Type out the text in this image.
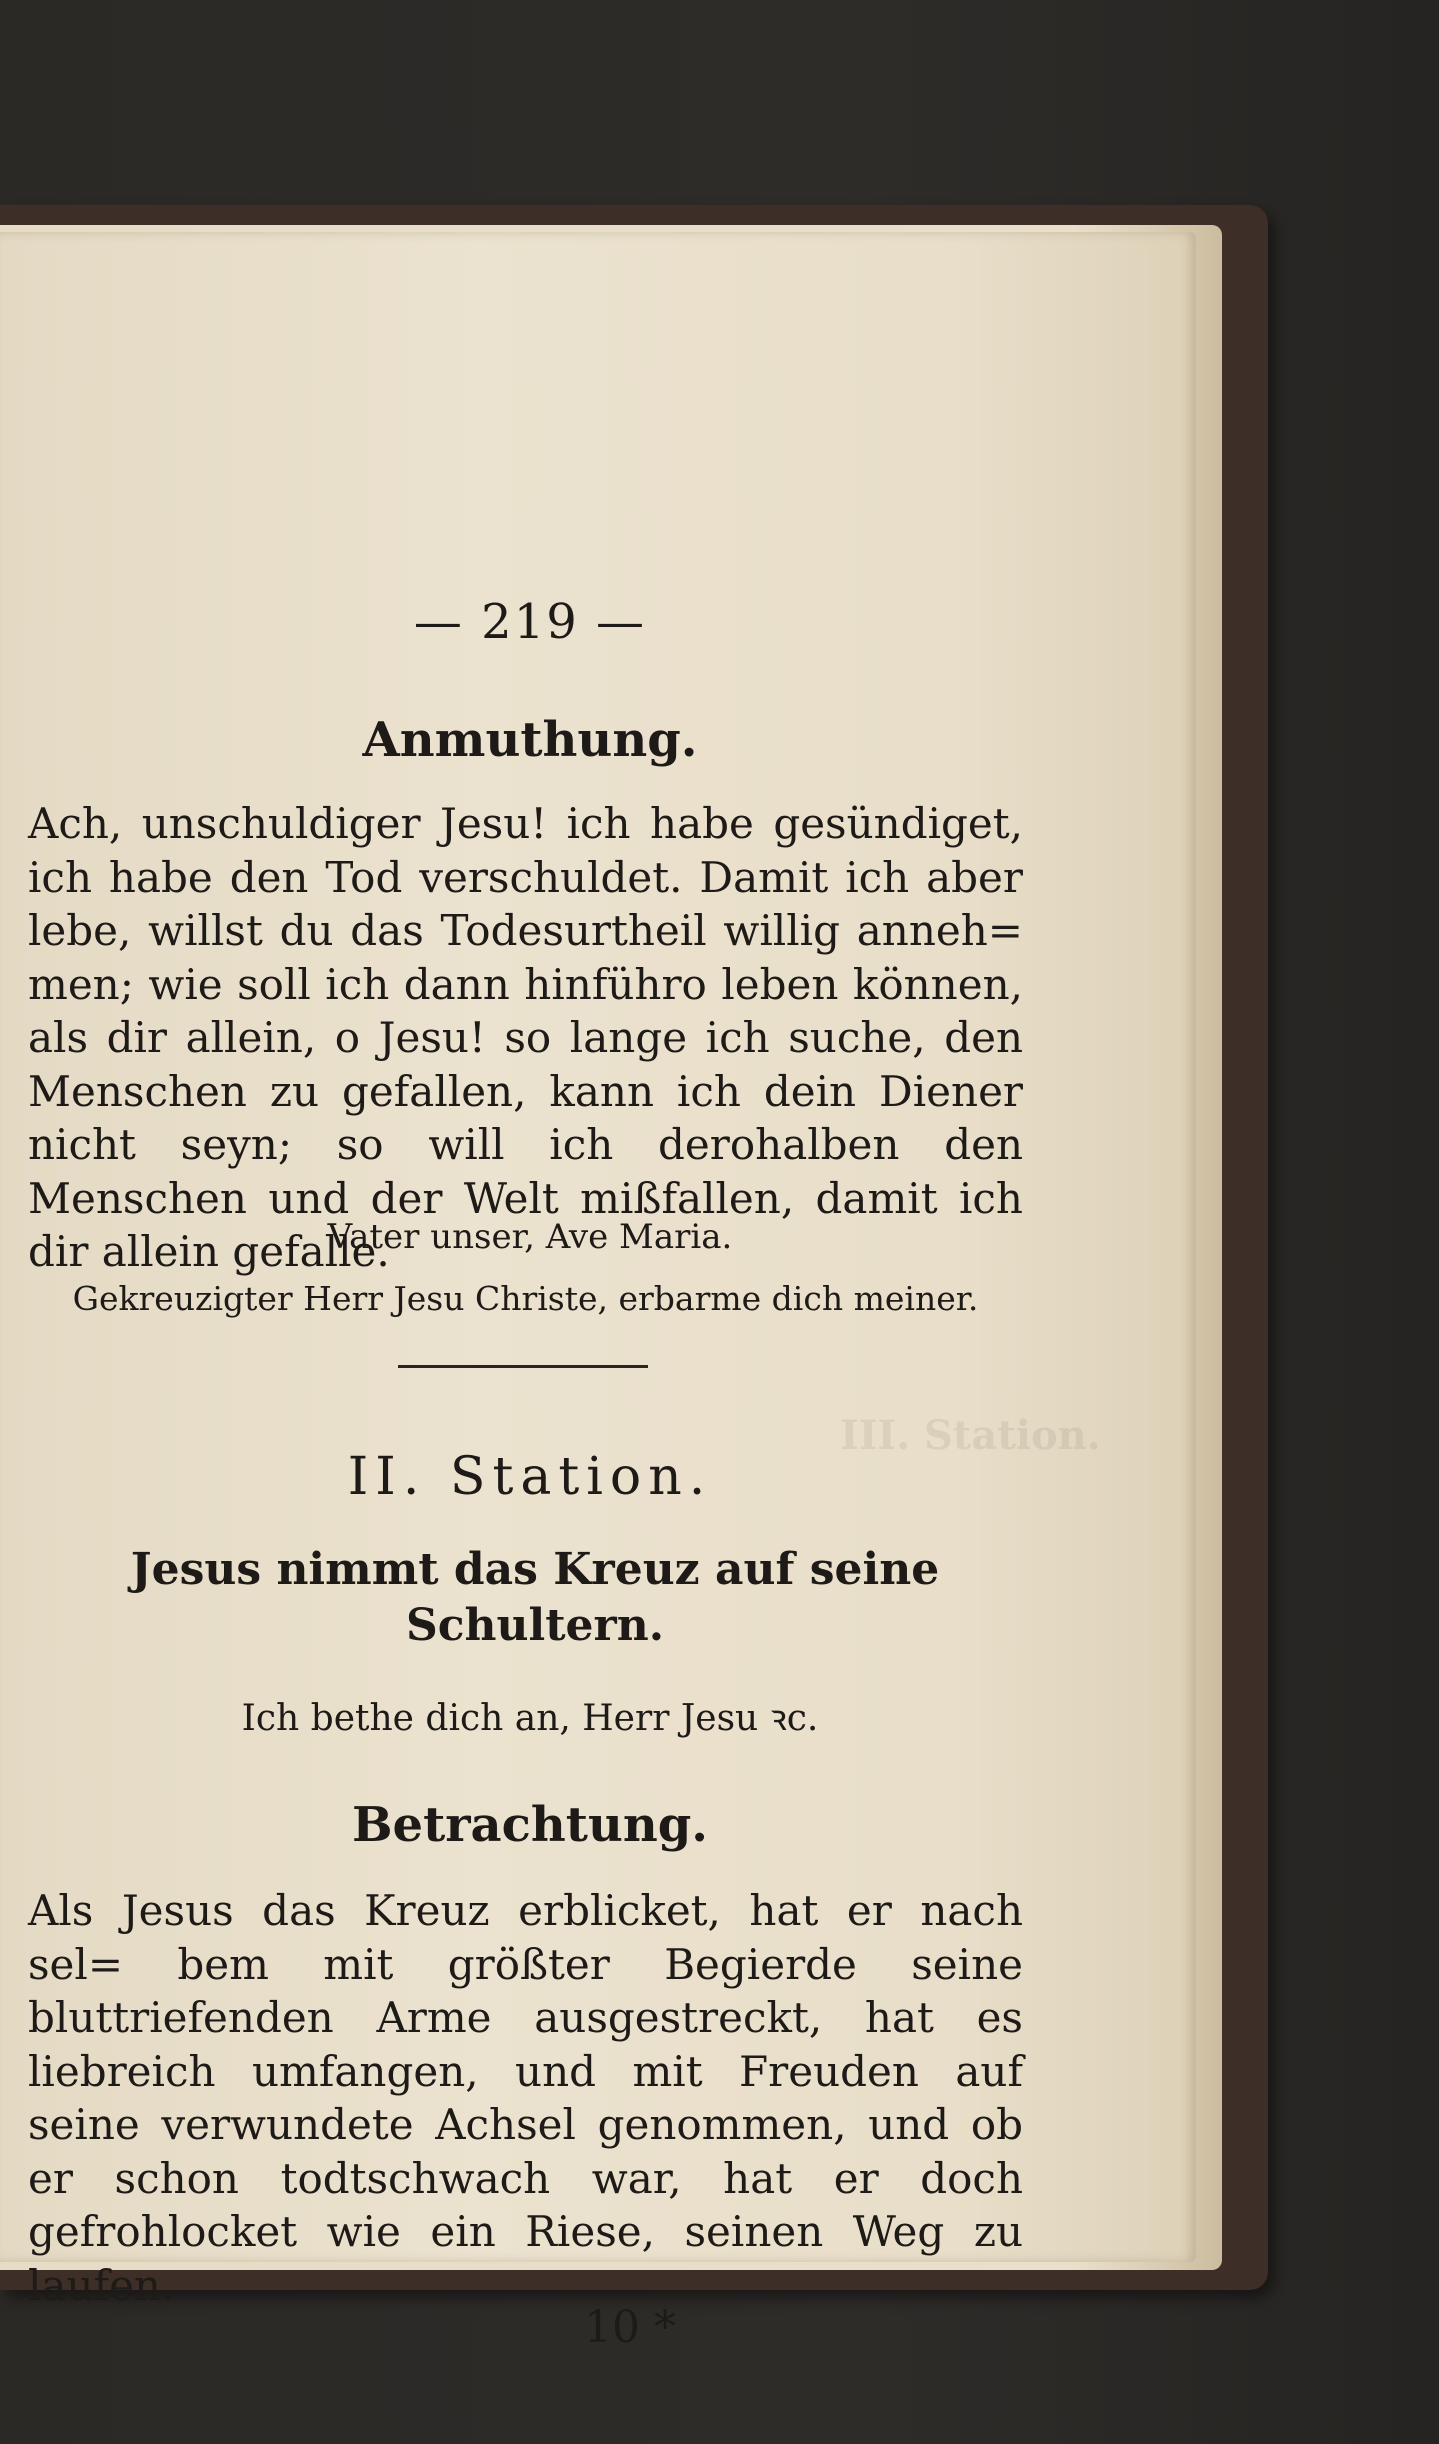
III. Station.
— 219 —
Anmuthung.
Ach, unschuldiger Jesu! ich habe gesündiget, ich habe den Tod verschuldet. Damit ich aber lebe, willst du das Todesurtheil willig anneh= men; wie soll ich dann hinführo leben können, als dir allein, o Jesu! so lange ich suche, den Menschen zu gefallen, kann ich dein Diener nicht seyn; so will ich derohalben den Menschen und der Welt mißfallen, damit ich dir allein gefalle.
Vater unser, Ave Maria.
Gekreuzigter Herr Jesu Christe, erbarme dich meiner.
II. Station.
Jesus nimmt das Kreuz auf seine Schultern.
Ich bethe dich an, Herr Jesu ꝛc.
Betrachtung.
Als Jesus das Kreuz erblicket, hat er nach sel= bem mit größter Begierde seine bluttriefenden Arme ausgestreckt, hat es liebreich umfangen, und mit Freuden auf seine verwundete Achsel genommen, und ob er schon todtschwach war, hat er doch gefrohlocket wie ein Riese, seinen Weg zu laufen.
10 *
